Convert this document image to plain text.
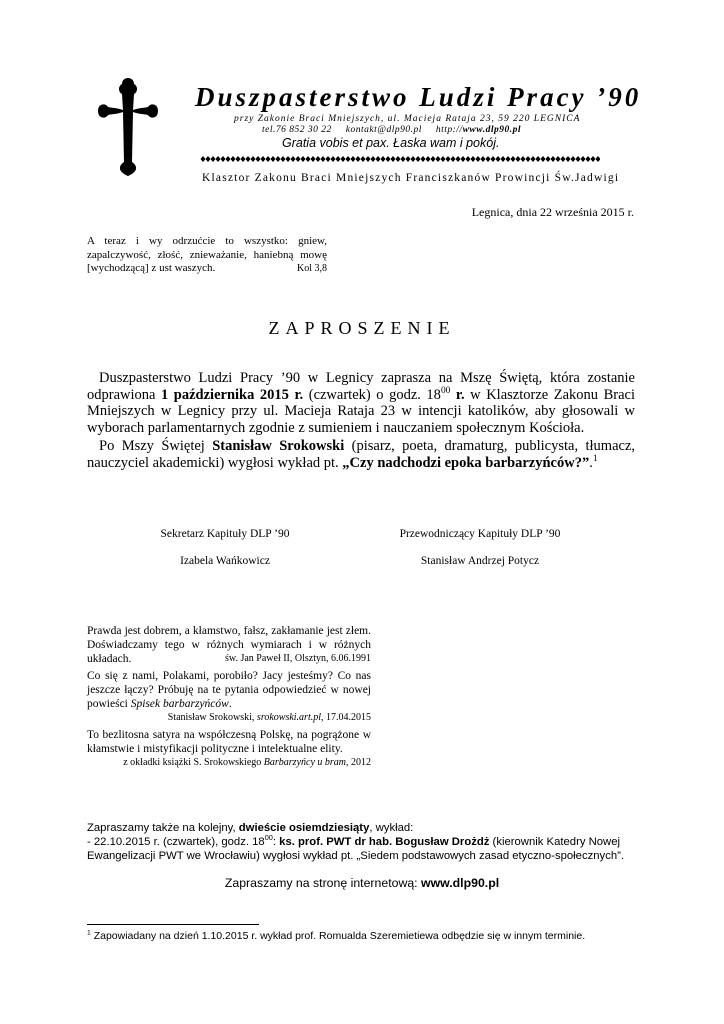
Duszpasterstwo Ludzi Pracy ’90
przy Zakonie Braci Mniejszych, ul. Macieja Rataja 23, 59 220 LEGNICA
tel.76 852 30 22 kontakt@dlp90.pl http://www.dlp90.pl
Gratia vobis et pax. Łaska wam i pokój.
Klasztor Zakonu Braci Mniejszych Franciszkanów Prowincji Św.Jadwigi
Legnica, dnia 22 września 2015 r.
A teraz i wy odrzućcie to wszystko: gniew, zapalczywość, złość, znieważanie, haniebną mowę [wychodzącą] z ust waszych.	Kol 3,8
ZAPROSZENIE

Duszpasterstwo Ludzi Pracy ’90 w Legnicy zaprasza na Mszę Świętą, która zostanie odprawiona 1 października 2015 r. (czwartek) o godz. $18^{00}$ r. w Klasztorze Zakonu Braci Mniejszych w Legnicy przy ul. Macieja Rataja 23 w intencji katolików, aby głosowali w wyborach parlamentarnych zgodnie z sumieniem i nauczaniem społecznym Kościoła.

Po Mszy Świętej Stanisław Srokowski (pisarz, poeta, dramaturg, publicysta, tłumacz, nauczyciel akademicki) wygłosi wykład pt. „Czy nadchodzi epoka barbarzyńców?”.$^1$

Sekretarz Kapituły DLP ’90
Izabela Wańkowicz
Przewodniczący Kapituły DLP ’90
Stanisław Andrzej Potycz
Prawda jest dobrem, a kłamstwo, fałsz, zakłamanie jest złem. Doświadczamy tego w różnych wymiarach i w różnych układach.	św. Jan Paweł II, Olsztyn, 6.06.1991
Co się z nami, Polakami, porobiło? Jacy jesteśmy? Co nas jeszcze łączy? Próbuję na te pytania odpowiedzieć w nowej powieści Spisek barbarzyńców.
Stanisław Srokowski, srokowski.art.pl, 17.04.2015
To bezlitosna satyra na współczesną Polskę, na pogrążone w kłamstwie i mistyfikacji polityczne i intelektualne elity.
z okładki książki S. Srokowskiego Barbarzyńcy u bram, 2012
Zapraszamy także na kolejny, dwieście osiemdziesiąty, wykład:
- 22.10.2015 r. (czwartek), godz. $18^{00}$: ks. prof. PWT dr hab. Bogusław Drożdż (kierownik Katedry Nowej Ewangelizacji PWT we Wrocławiu) wygłosi wykład pt. „Siedem podstawowych zasad etyczno-społecznych”.
Zapraszamy na stronę internetową: www.dlp90.pl
$^1$ Zapowiadany na dzień 1.10.2015 r. wykład prof. Romualda Szeremietiewa odbędzie się w innym terminie.
